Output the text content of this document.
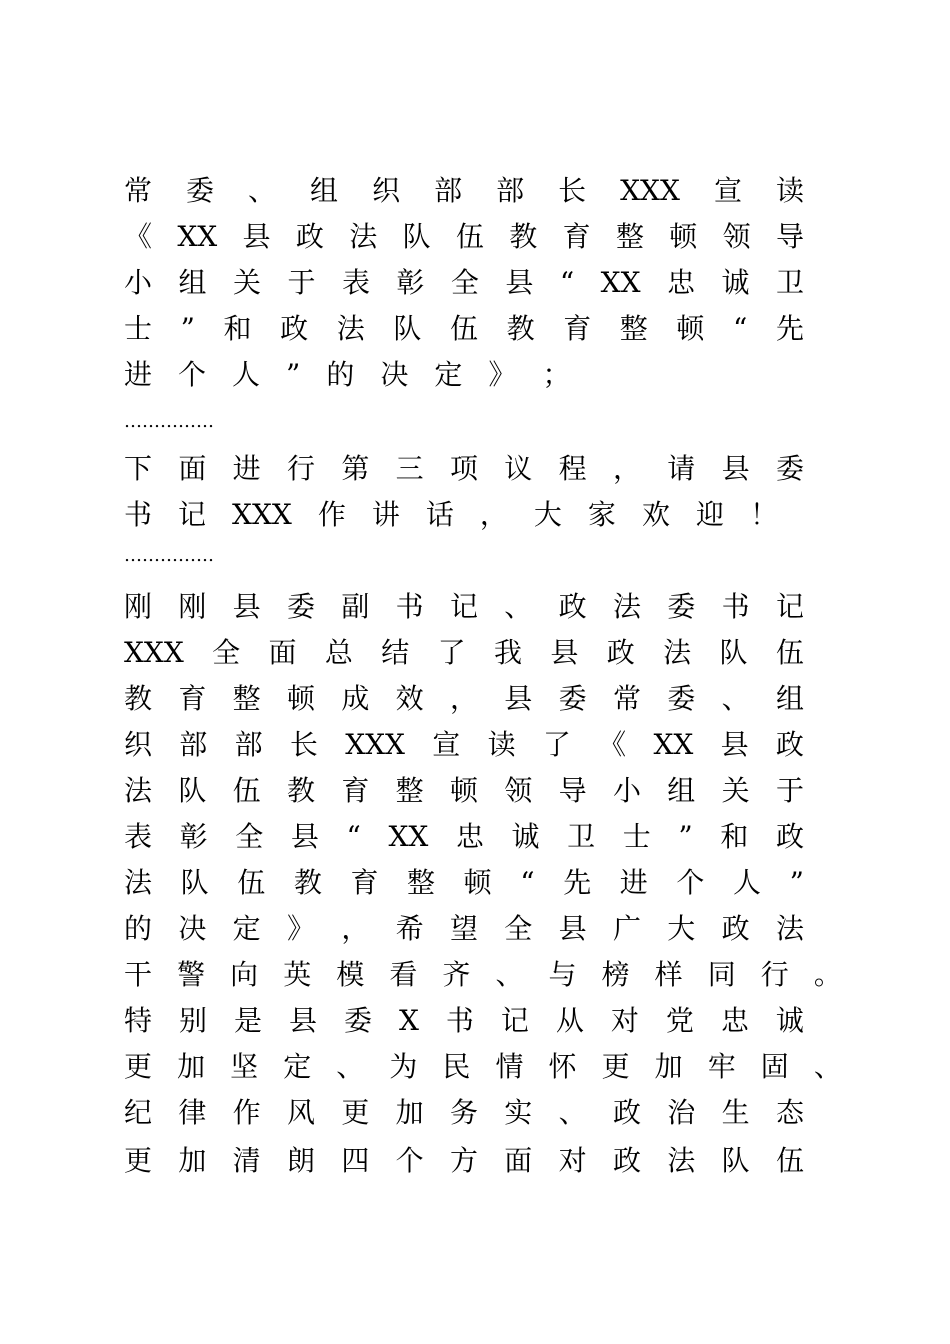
常 委 、 组 织 部 部 长 XXX 宣 读
《 XX 县 政 法 队 伍 教 育 整 顿 领 导
小 组 关 于 表 彰 全 县 “ XX 忠 诚 卫
士 ” 和 政 法 队 伍 教 育 整 顿 “ 先
进 个 人 ” 的 决 定 》 ；
……………
下 面 进 行 第 三 项 议 程 ， 请 县 委
书 记 XXX 作 讲 话 ， 大 家 欢 迎 ！
……………
刚 刚 县 委 副 书 记 、 政 法 委 书 记
XXX 全 面 总 结 了 我 县 政 法 队 伍
教 育 整 顿 成 效 ， 县 委 常 委 、 组
织 部 部 长 XXX 宣 读 了 《 XX 县 政
法 队 伍 教 育 整 顿 领 导 小 组 关 于
表 彰 全 县 “ XX 忠 诚 卫 士 ” 和 政
法 队 伍 教 育 整 顿 “ 先 进 个 人 ”
的 决 定 》 ， 希 望 全 县 广 大 政 法
干 警 向 英 模 看 齐 、 与 榜 样 同 行 。
特 别 是 县 委 X 书 记 从 对 党 忠 诚
更 加 坚 定 、 为 民 情 怀 更 加 牢 固 、
纪 律 作 风 更 加 务 实 、 政 治 生 态
更 加 清 朗 四 个 方 面 对 政 法 队 伍
